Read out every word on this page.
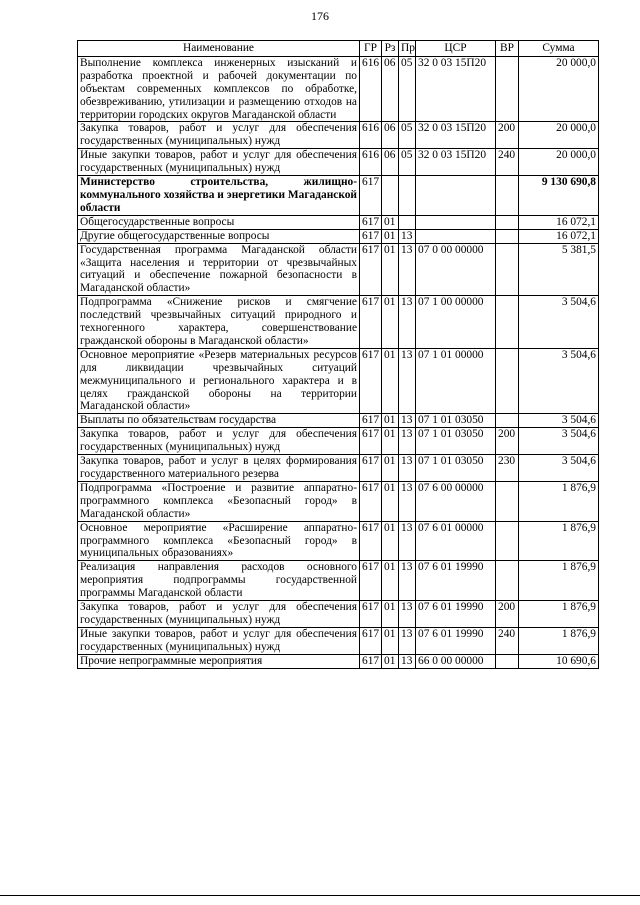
176
Наименование	ГР	Рз	Пр	ЦСР	ВР	Сумма
Выполнение комплекса инженерных изысканий и разработка проектной и рабочей документации по объектам современных комплексов по обработке, обезвреживанию, утилизации и размещению отходов на территории городских округов Магаданской области	616	06	05	32 0 03 15П20		20 000,0
Закупка товаров, работ и услуг для обеспечения государственных (муниципальных) нужд	616	06	05	32 0 03 15П20	200	20 000,0
Иные закупки товаров, работ и услуг для обеспечения государственных (муниципальных) нужд	616	06	05	32 0 03 15П20	240	20 000,0
Министерство строительства, жилищно-коммунального хозяйства и энергетики Магаданской области	617					9 130 690,8
Общегосударственные вопросы	617	01				16 072,1
Другие общегосударственные вопросы	617	01	13			16 072,1
Государственная программа Магаданской области «Защита населения и территории от чрезвычайных ситуаций и обеспечение пожарной безопасности в Магаданской области»	617	01	13	07 0 00 00000		5 381,5
Подпрограмма «Снижение рисков и смягчение последствий чрезвычайных ситуаций природного и техногенного характера, совершенствование гражданской обороны в Магаданской области»	617	01	13	07 1 00 00000		3 504,6
Основное мероприятие «Резерв материальных ресурсов для ликвидации чрезвычайных ситуаций межмуниципального и регионального характера и в целях гражданской обороны на территории Магаданской области»	617	01	13	07 1 01 00000		3 504,6
Выплаты по обязательствам государства	617	01	13	07 1 01 03050		3 504,6
Закупка товаров, работ и услуг для обеспечения государственных (муниципальных) нужд	617	01	13	07 1 01 03050	200	3 504,6
Закупка товаров, работ и услуг в целях формирования государственного материального резерва	617	01	13	07 1 01 03050	230	3 504,6
Подпрограмма «Построение и развитие аппаратно-программного комплекса «Безопасный город» в Магаданской области»	617	01	13	07 6 00 00000		1 876,9
Основное мероприятие «Расширение аппаратно-программного комплекса «Безопасный город» в муниципальных образованиях»	617	01	13	07 6 01 00000		1 876,9
Реализация направления расходов основного мероприятия подпрограммы государственной программы Магаданской области	617	01	13	07 6 01 19990		1 876,9
Закупка товаров, работ и услуг для обеспечения государственных (муниципальных) нужд	617	01	13	07 6 01 19990	200	1 876,9
Иные закупки товаров, работ и услуг для обеспечения государственных (муниципальных) нужд	617	01	13	07 6 01 19990	240	1 876,9
Прочие непрограммные мероприятия	617	01	13	66 0 00 00000		10 690,6
